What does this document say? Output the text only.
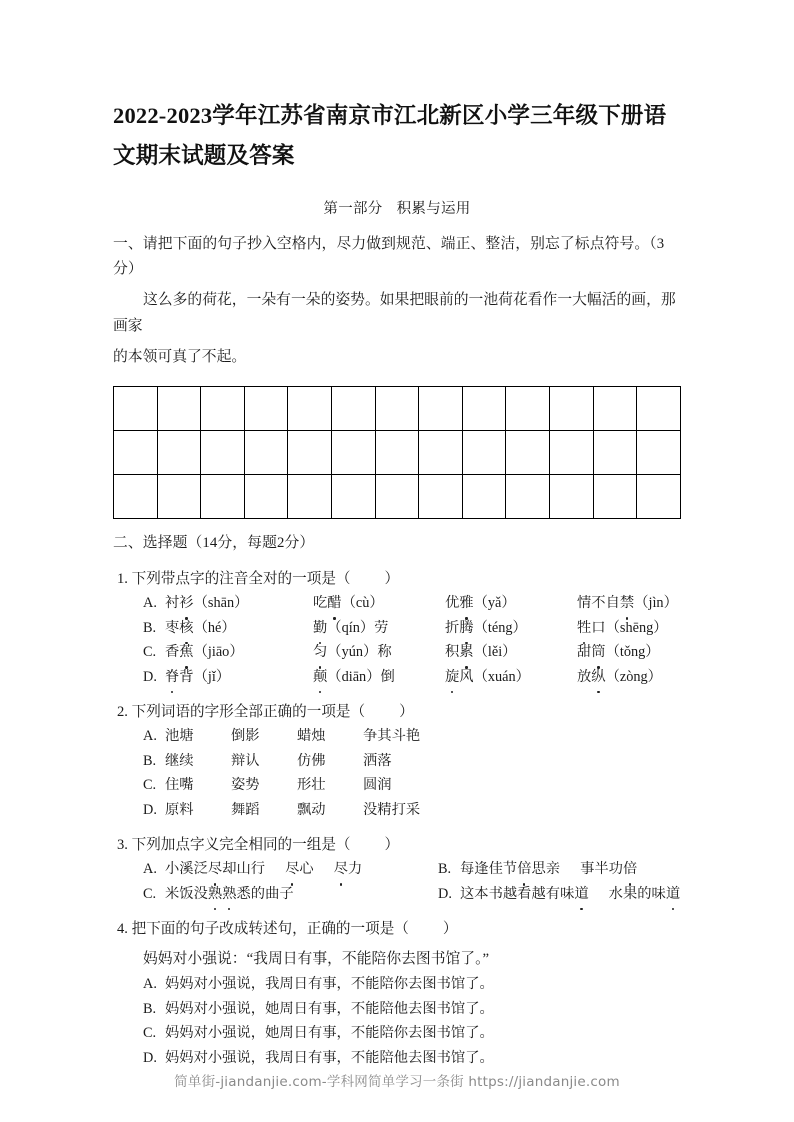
2022-2023学年江苏省南京市江北新区小学三年级下册语文期末试题及答案
第一部分 积累与运用
一、请把下面的句子抄入空格内，尽力做到规范、端正、整洁，别忘了标点符号。（3分）
这么多的荷花，一朵有一朵的姿势。如果把眼前的一池荷花看作一大幅活的画，那画家
的本领可真了不起。

二、选择题（14分，每题2分）
1. 下列带点字的注音全对的一项是（ ）
A. 衬衫（shān）	吃醋（cù）	优雅（yǎ）	情不自禁（jìn）
B. 枣核（hé）	勤（qín）劳	折腾（téng）	牲口（shēng）
C. 香蕉（jiāo）	匀（yún）称	积累（lěi）	甜筒（tǒng）
D. 脊背（jǐ）	颠（diān）倒	旋风（xuán）	放纵（zòng）
2. 下列词语的字形全部正确的一项是（ ）
A. 池塘	倒影	蜡烛	争其斗艳
B. 继续	辩认	仿佛	洒落
C. 住嘴	姿势	形壮	圆润
D. 原料	舞蹈	飘动	没精打采
3. 下列加点字义完全相同的一组是（ ）
A. 小溪泛尽却山行 尽心 尽力	B. 每逢佳节倍思亲 事半功倍
C. 米饭没熟熟悉的曲子	D. 这本书越看越有味道 水果的味道
4. 把下面的句子改成转述句，正确的一项是（ ）
妈妈对小强说：“我周日有事，不能陪你去图书馆了。”
A. 妈妈对小强说，我周日有事，不能陪你去图书馆了。
B. 妈妈对小强说，她周日有事，不能陪他去图书馆了。
C. 妈妈对小强说，她周日有事，不能陪你去图书馆了。
D. 妈妈对小强说，我周日有事，不能陪他去图书馆了。
简单街-jiandanjie.com-学科网简单学习一条街 https://jiandanjie.com
